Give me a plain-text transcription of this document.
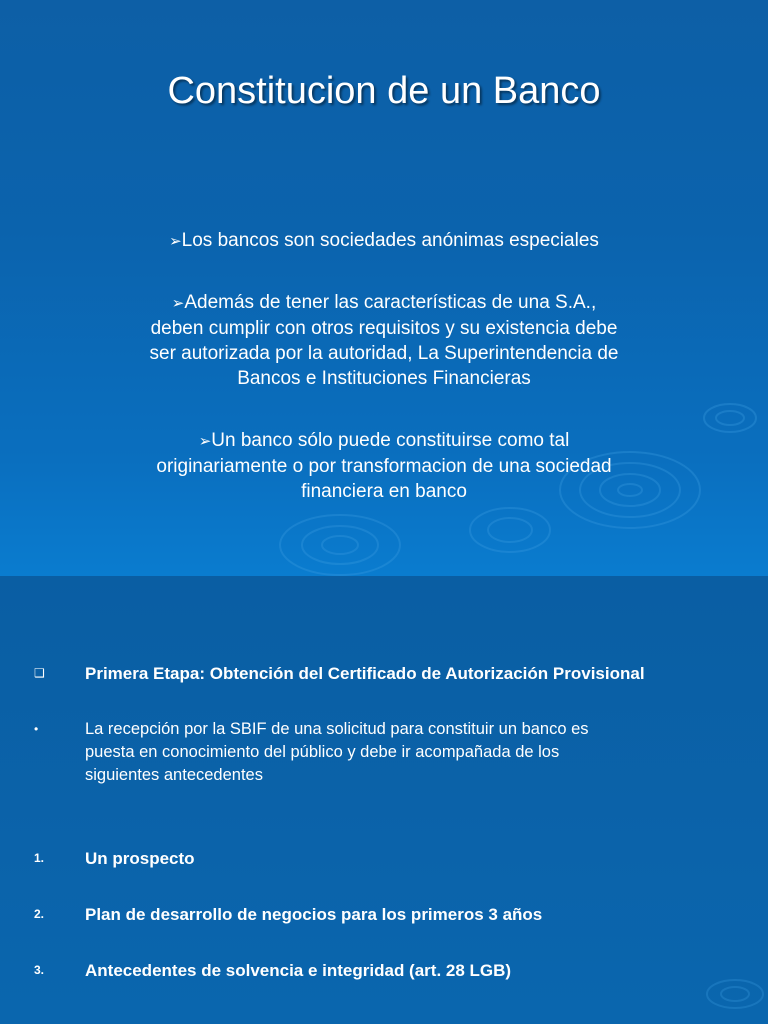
Constitucion de un Banco
➢Los bancos son sociedades anónimas especiales
➢Además de tener las características de una S.A.,
deben cumplir con otros requisitos y su existencia debe
ser autorizada por la autoridad, La Superintendencia de
Bancos e Instituciones Financieras
➢Un banco sólo puede constituirse como tal
originariamente o por transformacion de una sociedad
financiera en banco
❑ Primera Etapa: Obtención del Certificado de Autorización Provisional
•	La recepción por la SBIF de una solicitud para constituir un banco es
puesta en conocimiento del público y debe ir acompañada de los
siguientes antecedentes
1. Un prospecto
2. Plan de desarrollo de negocios para los primeros 3 años
3. Antecedentes de solvencia e integridad (art. 28 LGB)
